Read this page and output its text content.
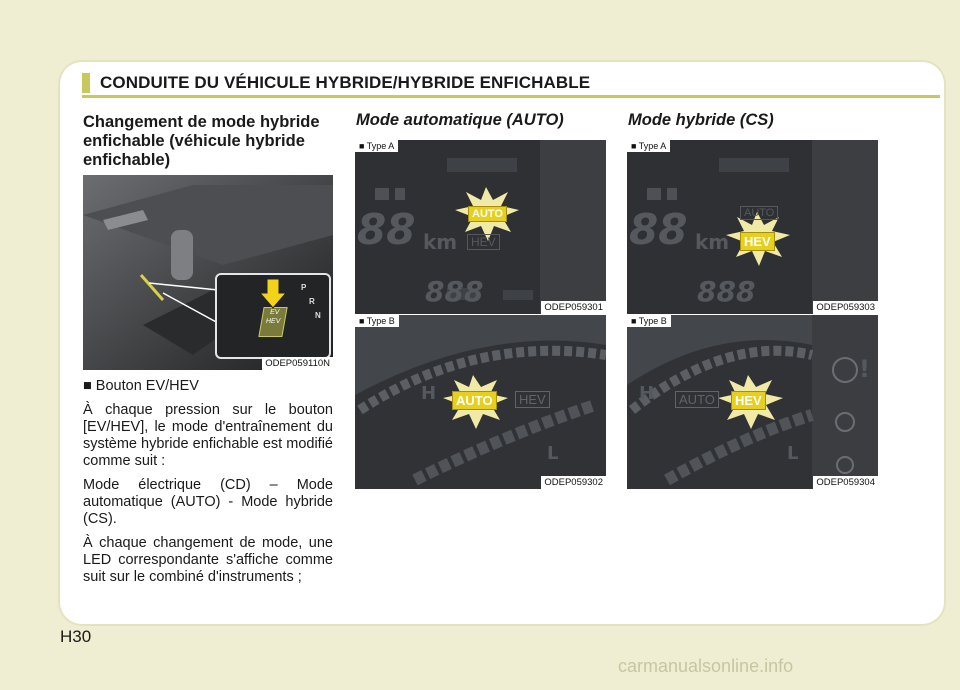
CONDUITE DU VÉHICULE HYBRIDE/HYBRIDE ENFICHABLE
Changement de mode hybride enfichable (véhicule hybride enfichable)
EV
HEV
P
R
N
ODEP059110N

■ Bouton EV/HEV

À chaque pression sur le bouton [EV/HEV], le mode d'entraînement du système hybride enfichable est modifié comme suit :

Mode électrique (CD) – Mode automatique (AUTO) - Mode hybride (CS).

À chaque changement de mode, une LED correspondante s'affiche comme suit sur le combiné d'instruments ;

Mode automatique (AUTO)
88 km	HEV
AUTO
888
■ Type A
ODEP059301
H
L
AUTO	HEV
■ Type B
ODEP059302
Mode hybride (CS)
88 km
AUTO
HEV
888
■ Type A
ODEP059303
H
L
!
AUTO	HEV
■ Type B
ODEP059304
H30
carmanualsonline.info
